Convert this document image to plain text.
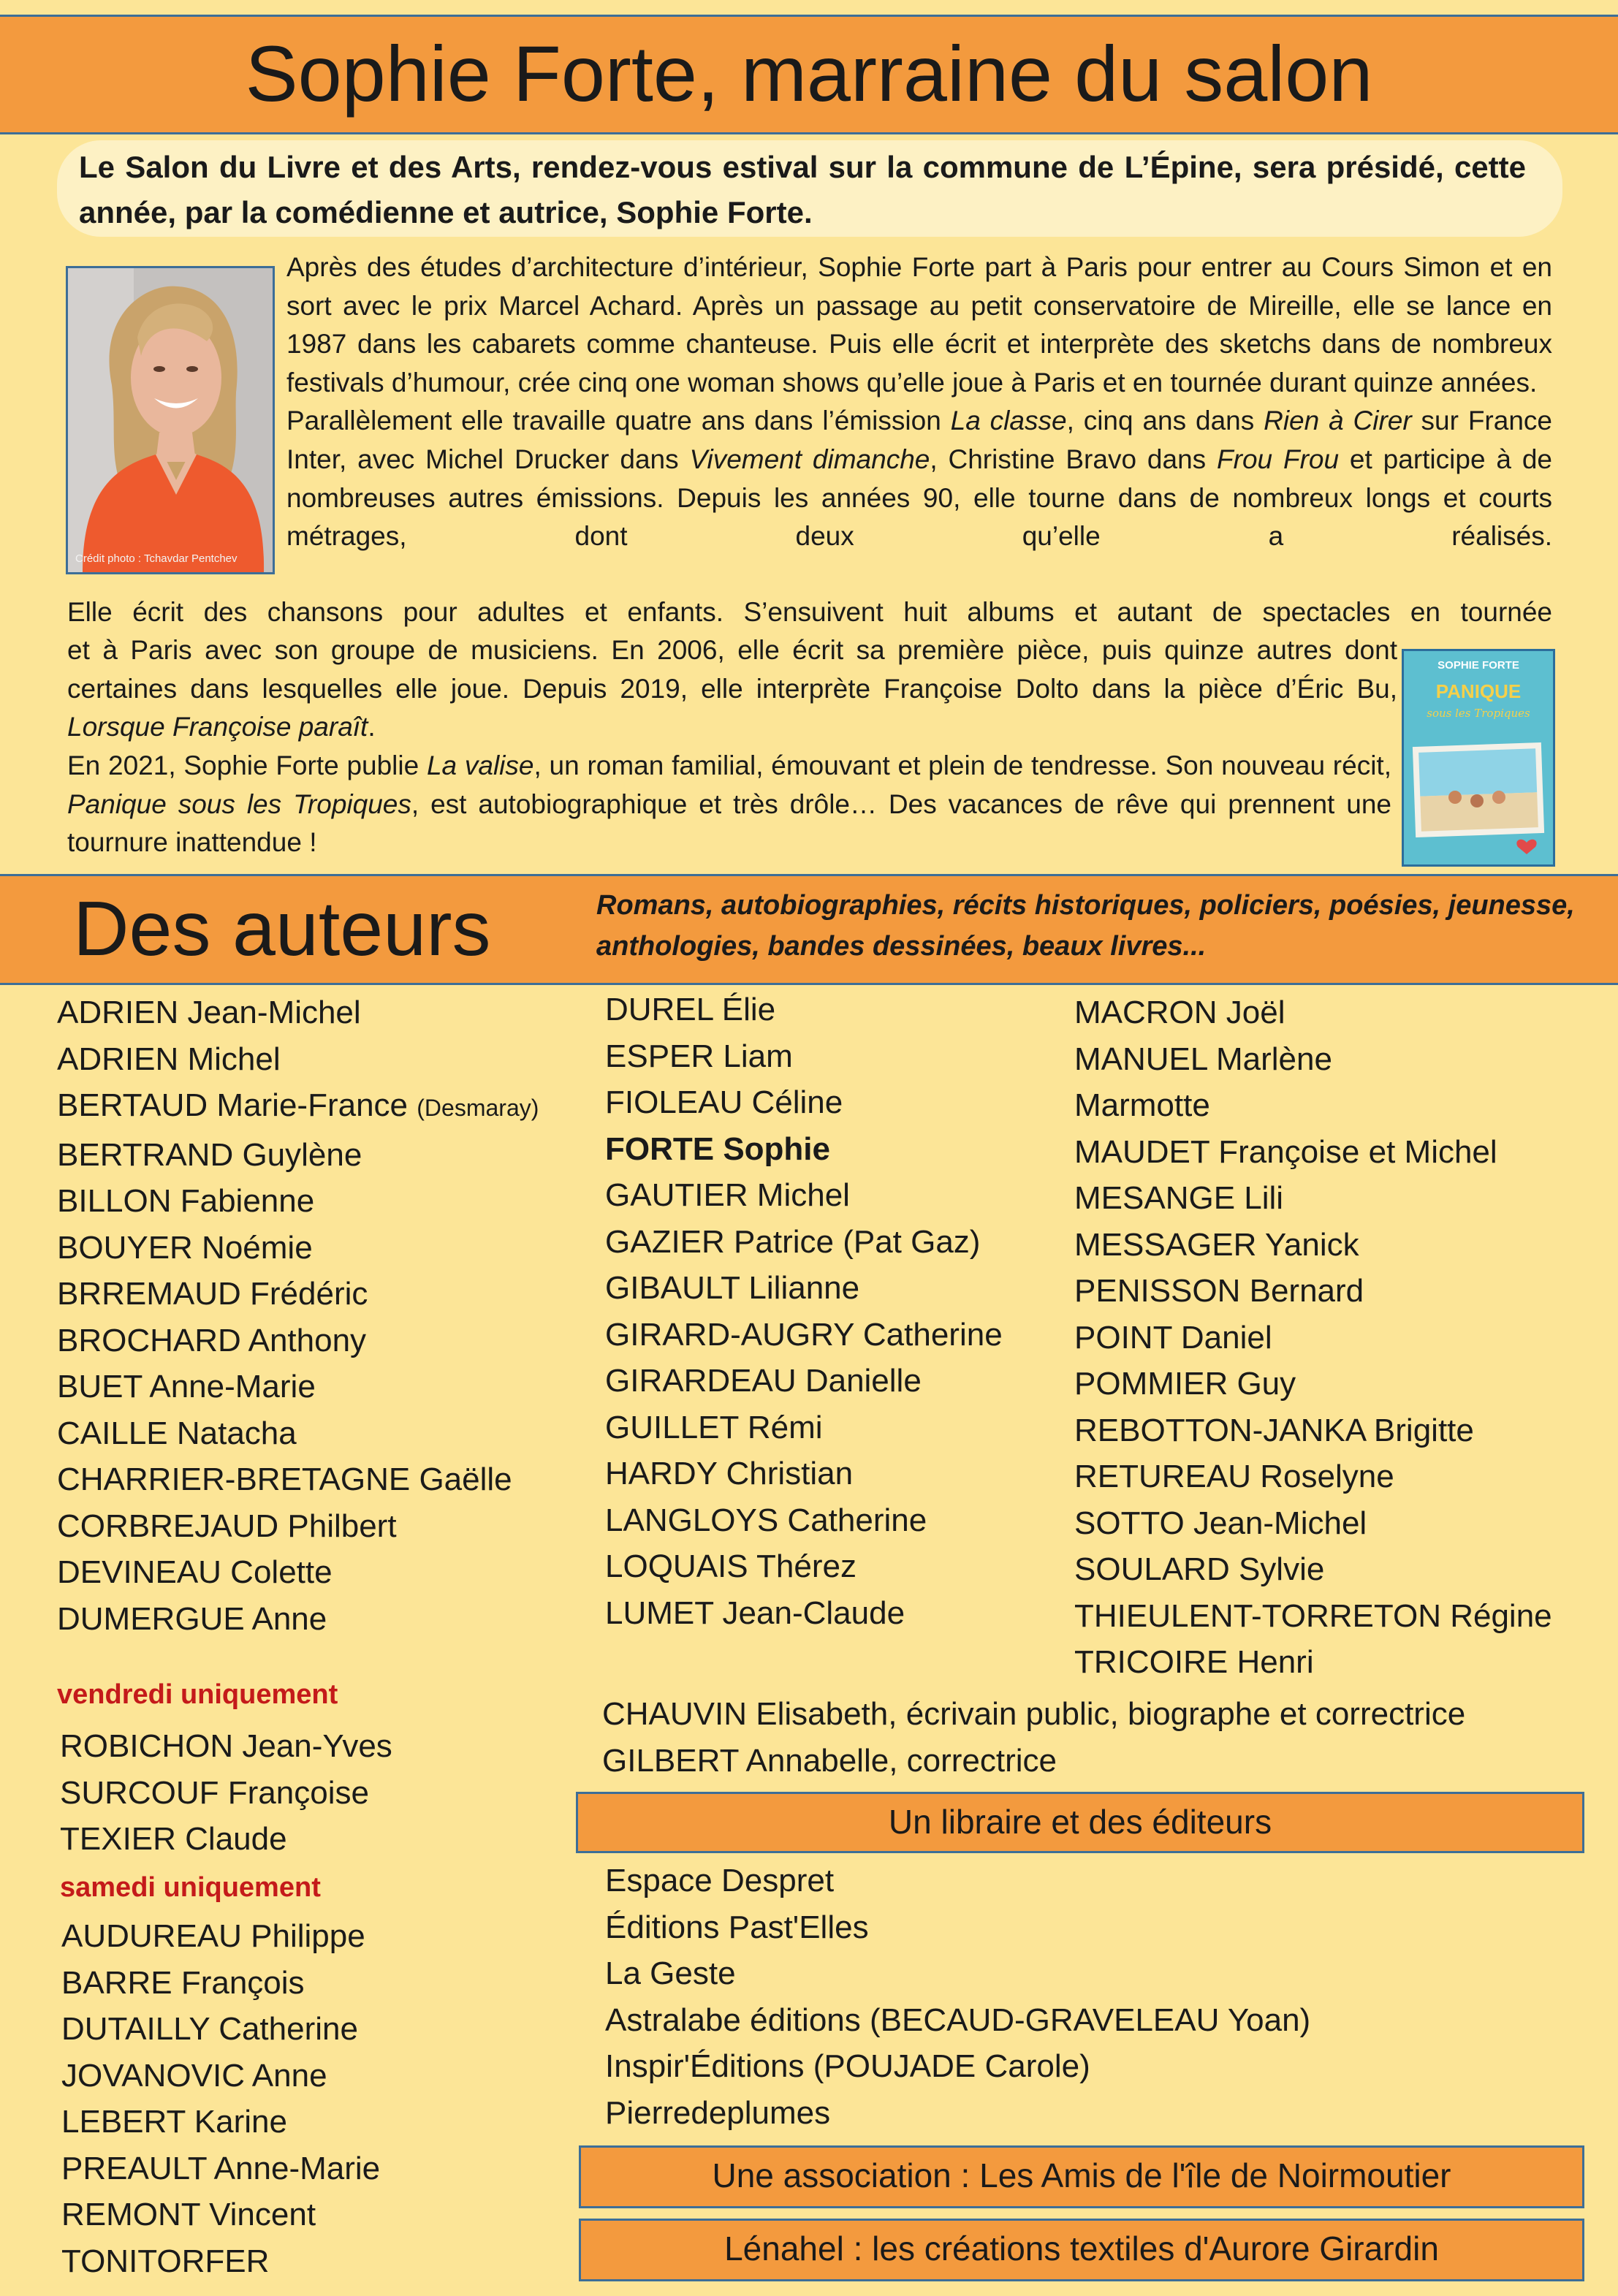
Sophie Forte, marraine du salon
Le Salon du Livre et des Arts, rendez-vous estival sur la commune de L’Épine, sera présidé, cette année, par la comédienne et autrice, Sophie Forte.
Crédit photo : Tchavdar Pentchev
Après des études d’architecture d’intérieur, Sophie Forte part à Paris pour entrer au Cours Simon et en sort avec le prix Marcel Achard. Après un passage au petit conservatoire de Mireille, elle se lance en 1987 dans les cabarets comme chanteuse. Puis elle écrit et interprète des sketchs dans de nombreux festivals d’humour, crée cinq one woman shows qu’elle joue à Paris et en tournée durant quinze années.
Parallèlement elle travaille quatre ans dans l’émission La classe, cinq ans dans Rien à Cirer sur France Inter, avec Michel Drucker dans Vivement dimanche, Christine Bravo dans Frou Frou et participe à de nombreuses autres émissions. Depuis les années 90, elle tourne dans de nombreux longs et courts métrages, dont deux qu’elle a réalisés.
Elle écrit des chansons pour adultes et enfants. S’ensuivent huit albums et autant de spectacles en tournée
et à Paris avec son groupe de musiciens. En 2006, elle écrit sa première pièce, puis quinze autres dont certaines dans lesquelles elle joue. Depuis 2019, elle interprète Françoise Dolto dans la pièce d’Éric Bu, Lorsque Françoise paraît.
En 2021, Sophie Forte publie La valise, un roman familial, émouvant et plein de tendresse. Son nouveau récit, Panique sous les Tropiques, est autobiographique et très drôle… Des vacances de rêve qui prennent une tournure inattendue !
SOPHIE FORTE
PANIQUE
sous les Tropiques
Des auteurs	Romans, autobiographies, récits historiques, policiers, poésies, jeunesse, anthologies, bandes dessinées, beaux livres...
ADRIEN Jean-Michel
ADRIEN Michel
BERTAUD Marie-France (Desmaray)
BERTRAND Guylène
BILLON Fabienne
BOUYER Noémie
BRREMAUD Frédéric
BROCHARD Anthony
BUET Anne-Marie
CAILLE Natacha
CHARRIER-BRETAGNE Gaëlle
CORBREJAUD Philbert
DEVINEAU Colette
DUMERGUE Anne
DUREL Élie
ESPER Liam
FIOLEAU Céline
FORTE Sophie
GAUTIER Michel
GAZIER Patrice (Pat Gaz)
GIBAULT Lilianne
GIRARD-AUGRY Catherine
GIRARDEAU Danielle
GUILLET Rémi
HARDY Christian
LANGLOYS Catherine
LOQUAIS Thérez
LUMET Jean-Claude
MACRON Joël
MANUEL Marlène
Marmotte
MAUDET Françoise et Michel
MESANGE Lili
MESSAGER Yanick
PENISSON Bernard
POINT Daniel
POMMIER Guy
REBOTTON-JANKA Brigitte
RETUREAU Roselyne
SOTTO Jean-Michel
SOULARD Sylvie
THIEULENT-TORRETON Régine
TRICOIRE Henri
vendredi uniquement
ROBICHON Jean-Yves
SURCOUF Françoise
TEXIER Claude
samedi uniquement
AUDUREAU Philippe
BARRE François
DUTAILLY Catherine
JOVANOVIC Anne
LEBERT Karine
PREAULT Anne-Marie
REMONT Vincent
TONITORFER
CHAUVIN Elisabeth, écrivain public, biographe et correctrice
GILBERT Annabelle, correctrice
Un libraire et des éditeurs
Espace Despret
Éditions Past'Elles
La Geste
Astralabe éditions (BECAUD-GRAVELEAU Yoan)
Inspir'Éditions (POUJADE Carole)
Pierredeplumes
Une association : Les Amis de l'île de Noirmoutier
Lénahel : les créations textiles d'Aurore Girardin
